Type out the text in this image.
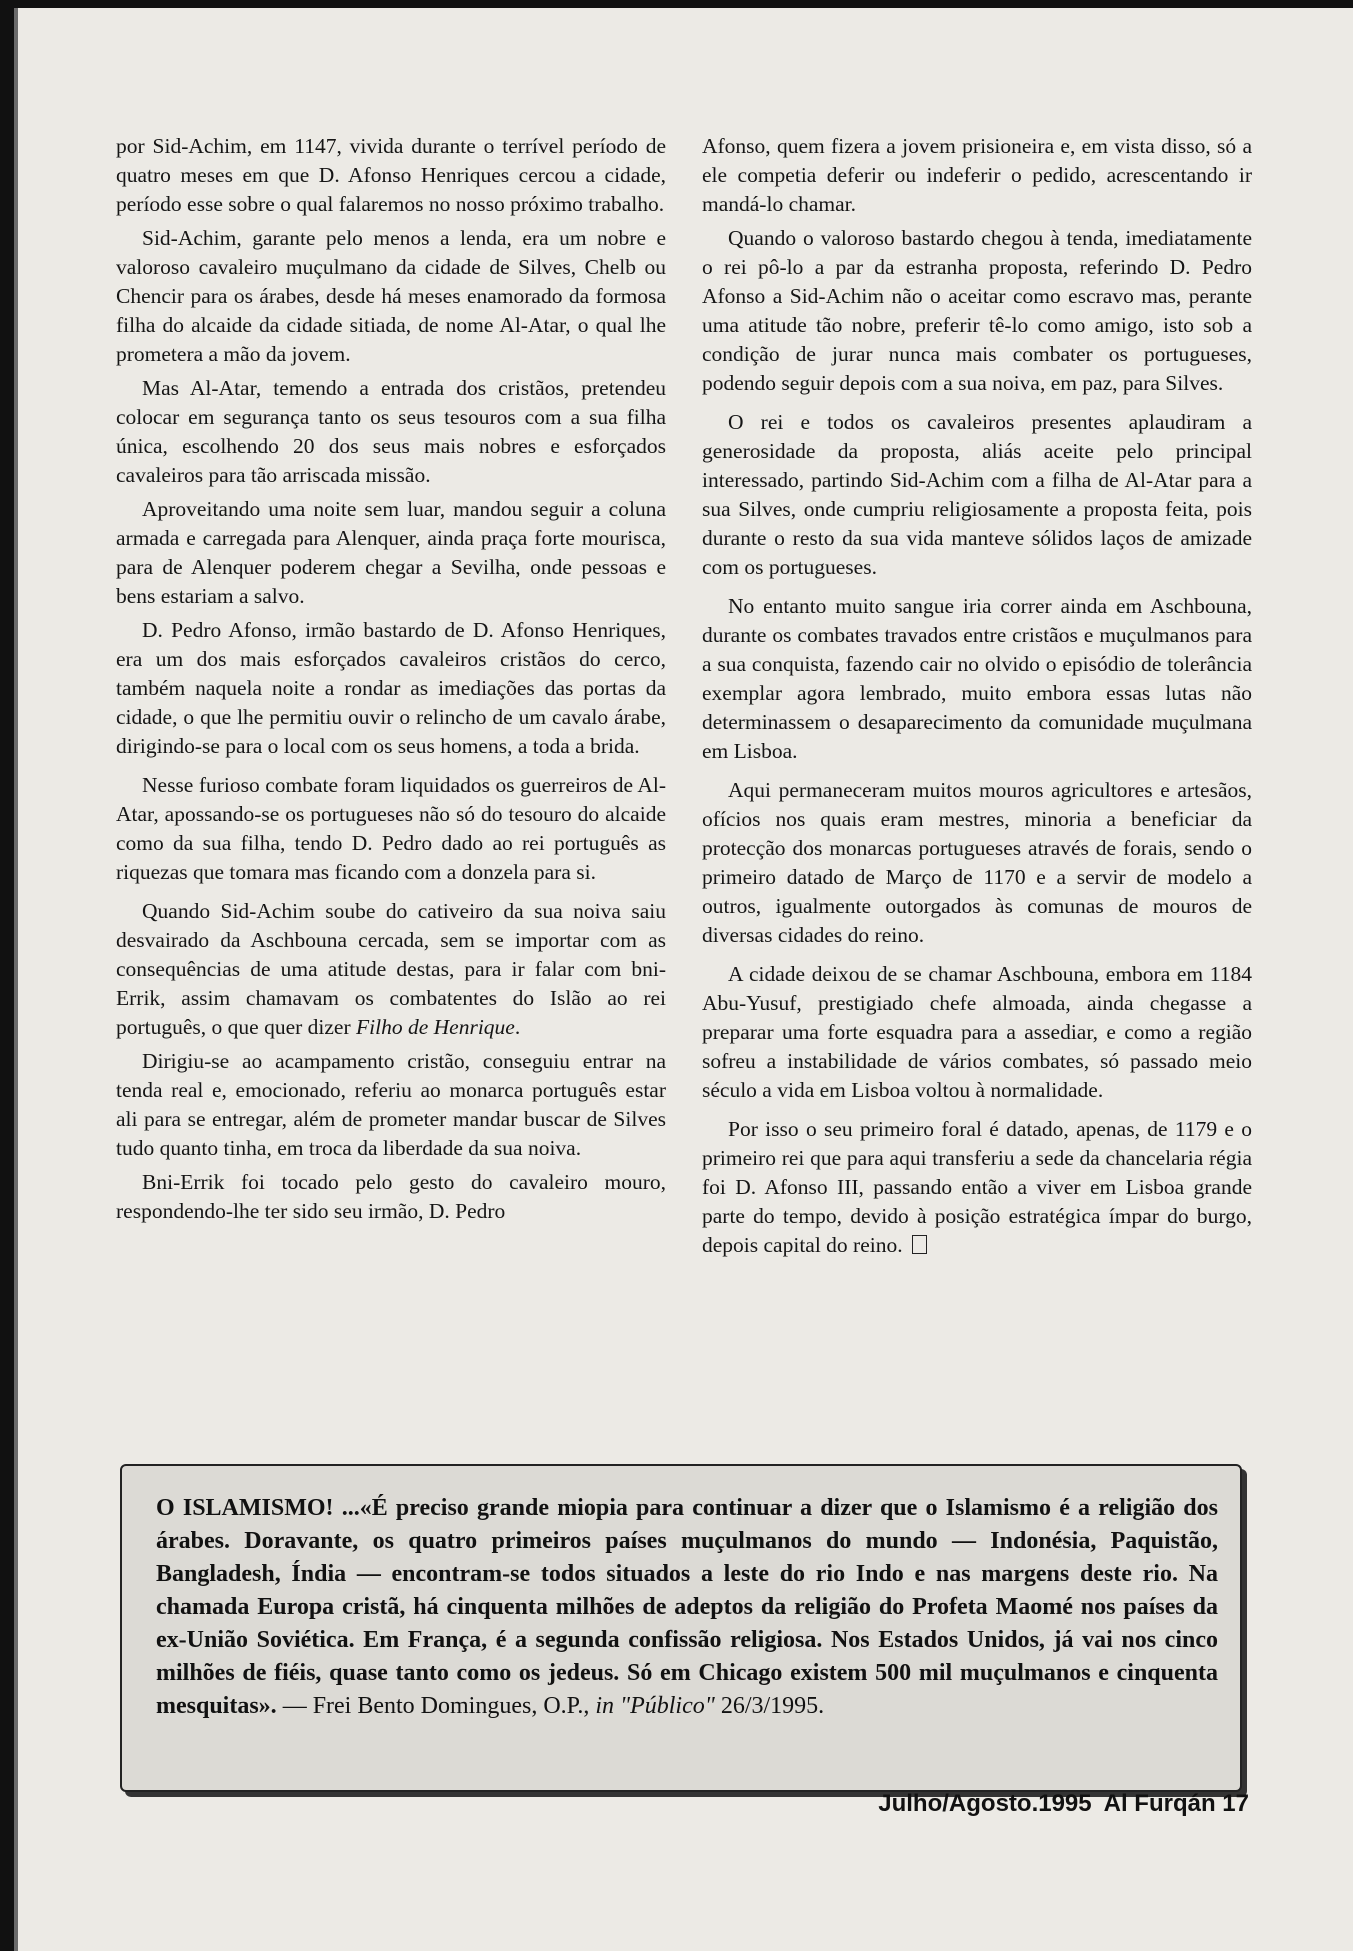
por Sid-Achim, em 1147, vivida durante o terrível período de quatro meses em que D. Afonso Henriques cercou a cidade, período esse sobre o qual falaremos no nosso próximo trabalho.

Sid-Achim, garante pelo menos a lenda, era um nobre e valoroso cavaleiro muçulmano da cidade de Silves, Chelb ou Chencir para os árabes, desde há meses enamorado da formosa filha do alcaide da cidade sitiada, de nome Al-Atar, o qual lhe prometera a mão da jovem.

Mas Al-Atar, temendo a entrada dos cristãos, pretendeu colocar em segurança tanto os seus tesouros com a sua filha única, escolhendo 20 dos seus mais nobres e esforçados cavaleiros para tão arriscada missão.

Aproveitando uma noite sem luar, mandou seguir a coluna armada e carregada para Alenquer, ainda praça forte mourisca, para de Alenquer poderem chegar a Sevilha, onde pessoas e bens estariam a salvo.

D. Pedro Afonso, irmão bastardo de D. Afonso Henriques, era um dos mais esforçados cavaleiros cristãos do cerco, também naquela noite a rondar as imediações das portas da cidade, o que lhe permitiu ouvir o relincho de um cavalo árabe, dirigindo-se para o local com os seus homens, a toda a brida.

Nesse furioso combate foram liquidados os guerreiros de Al-Atar, apossando-se os portugueses não só do tesouro do alcaide como da sua filha, tendo D. Pedro dado ao rei português as riquezas que tomara mas ficando com a donzela para si.

Quando Sid-Achim soube do cativeiro da sua noiva saiu desvairado da Aschbouna cercada, sem se importar com as consequências de uma atitude destas, para ir falar com bni-Errik, assim chamavam os combatentes do Islão ao rei português, o que quer dizer Filho de Henrique.

Dirigiu-se ao acampamento cristão, conseguiu entrar na tenda real e, emocionado, referiu ao monarca português estar ali para se entregar, além de prometer mandar buscar de Silves tudo quanto tinha, em troca da liberdade da sua noiva.

Bni-Errik foi tocado pelo gesto do cavaleiro mouro, respondendo-lhe ter sido seu irmão, D. Pedro

Afonso, quem fizera a jovem prisioneira e, em vista disso, só a ele competia deferir ou indeferir o pedido, acrescentando ir mandá-lo chamar.

Quando o valoroso bastardo chegou à tenda, imediatamente o rei pô-lo a par da estranha proposta, referindo D. Pedro Afonso a Sid-Achim não o aceitar como escravo mas, perante uma atitude tão nobre, preferir tê-lo como amigo, isto sob a condição de jurar nunca mais combater os portugueses, podendo seguir depois com a sua noiva, em paz, para Silves.

O rei e todos os cavaleiros presentes aplaudiram a generosidade da proposta, aliás aceite pelo principal interessado, partindo Sid-Achim com a filha de Al-Atar para a sua Silves, onde cumpriu religiosamente a proposta feita, pois durante o resto da sua vida manteve sólidos laços de amizade com os portugueses.

No entanto muito sangue iria correr ainda em Aschbouna, durante os combates travados entre cristãos e muçulmanos para a sua conquista, fazendo cair no olvido o episódio de tolerância exemplar agora lembrado, muito embora essas lutas não determinassem o desaparecimento da comunidade muçulmana em Lisboa.

Aqui permaneceram muitos mouros agricultores e artesãos, ofícios nos quais eram mestres, minoria a beneficiar da protecção dos monarcas portugueses através de forais, sendo o primeiro datado de Março de 1170 e a servir de modelo a outros, igualmente outorgados às comunas de mouros de diversas cidades do reino.

A cidade deixou de se chamar Aschbouna, embora em 1184 Abu-Yusuf, prestigiado chefe almoada, ainda chegasse a preparar uma forte esquadra para a assediar, e como a região sofreu a instabilidade de vários combates, só passado meio século a vida em Lisboa voltou à normalidade.

Por isso o seu primeiro foral é datado, apenas, de 1179 e o primeiro rei que para aqui transferiu a sede da chancelaria régia foi D. Afonso III, passando então a viver em Lisboa grande parte do tempo, devido à posição estratégica ímpar do burgo, depois capital do reino.

O ISLAMISMO! ...«É preciso grande miopia para continuar a dizer que o Islamismo é a religião dos árabes. Doravante, os quatro primeiros países muçulmanos do mundo — Indonésia, Paquistão, Bangladesh, Índia — encontram-se todos situados a leste do rio Indo e nas margens deste rio. Na chamada Europa cristã, há cinquenta milhões de adeptos da religião do Profeta Maomé nos países da ex-União Soviética. Em França, é a segunda confissão religiosa. Nos Estados Unidos, já vai nos cinco milhões de fiéis, quase tanto como os jedeus. Só em Chicago existem 500 mil muçulmanos e cinquenta mesquitas». — Frei Bento Domingues, O.P., in "Público" 26/3/1995.
Julho/Agosto.1995 Al Furqán 17
